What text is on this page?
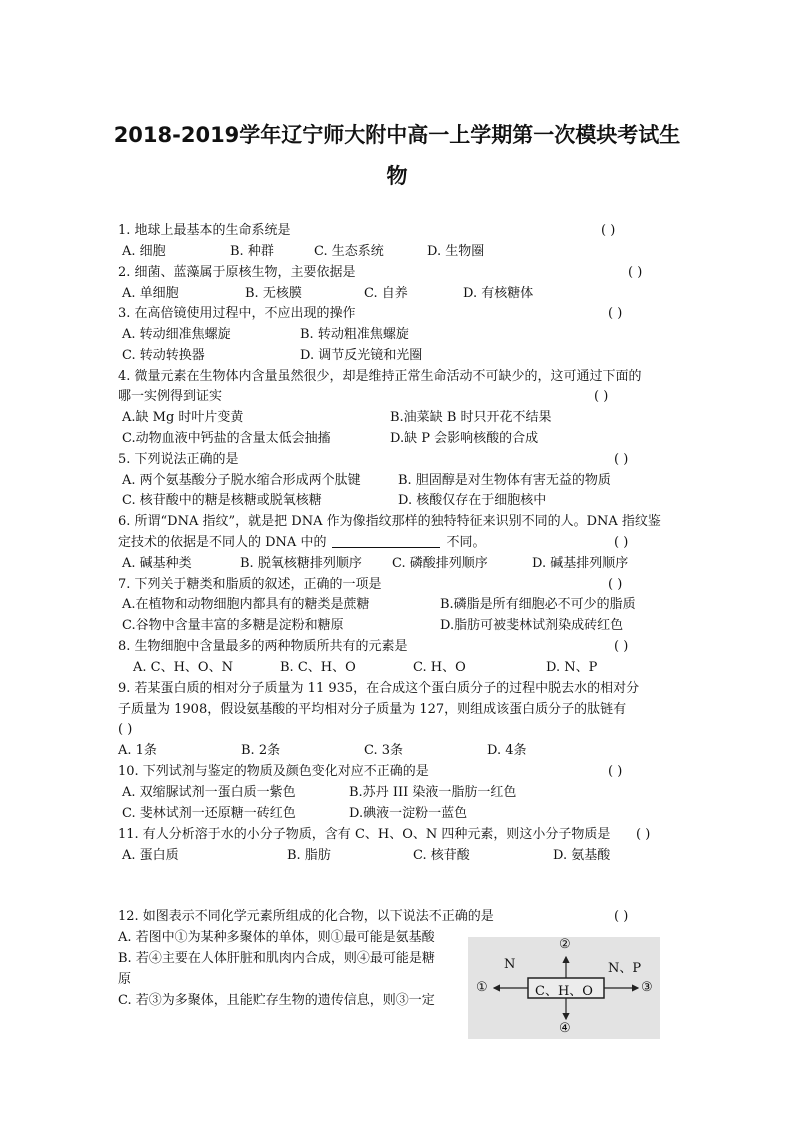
2018-2019学年辽宁师大附中高一上学期第一次模块考试生
物
1. 地球上最基本的生命系统是	( )
A. 细胞	B. 种群	C. 生态系统	D. 生物圈
2. 细菌、蓝藻属于原核生物，主要依据是	( )
A. 单细胞	B. 无核膜	C. 自养	D. 有核糖体
3. 在高倍镜使用过程中，不应出现的操作	( )
A. 转动细准焦螺旋	B. 转动粗准焦螺旋
C. 转动转换器	D. 调节反光镜和光圈
4. 微量元素在生物体内含量虽然很少，却是维持正常生命活动不可缺少的，这可通过下面的
哪一实例得到证实	( )
A.缺 Mg 时叶片变黄	B.油菜缺 B 时只开花不结果
C.动物血液中钙盐的含量太低会抽搐	D.缺 P 会影响核酸的合成
5. 下列说法正确的是	( )
A. 两个氨基酸分子脱水缩合形成两个肽键	B. 胆固醇是对生物体有害无益的物质
C. 核苷酸中的糖是核糖或脱氧核糖	D. 核酸仅存在于细胞核中
6. 所谓“DNA 指纹”，就是把 DNA 作为像指纹那样的独特特征来识别不同的人。DNA 指纹鉴
定技术的依据是不同人的 DNA 中的	不同。	( )
A. 碱基种类	B. 脱氧核糖排列顺序 C. 磷酸排列顺序	D. 碱基排列顺序
7. 下列关于糖类和脂质的叙述，正确的一项是	( )
A.在植物和动物细胞内都具有的糖类是蔗糖	B.磷脂是所有细胞必不可少的脂质
C.谷物中含量丰富的多糖是淀粉和糖原	D.脂肪可被斐林试剂染成砖红色
8. 生物细胞中含量最多的两种物质所共有的元素是	( )
A. C、H、O、N	B. C、H、O	C. H、O	D. N、P
9. 若某蛋白质的相对分子质量为 11 935，在合成这个蛋白质分子的过程中脱去水的相对分
子质量为 1908，假设氨基酸的平均相对分子质量为 127，则组成该蛋白质分子的肽链有
( )
A. 1条	B. 2条	C. 3条	D. 4条
10. 下列试剂与鉴定的物质及颜色变化对应不正确的是	( )
A. 双缩脲试剂一蛋白质一紫色	B.苏丹 III 染液一脂肪一红色
C. 斐林试剂一还原糖一砖红色	D.碘液一淀粉一蓝色
11. 有人分析溶于水的小分子物质，含有 C、H、O、N 四种元素，则这小分子物质是 ( )
A. 蛋白质	B. 脂肪	C. 核苷酸	D. 氨基酸
12. 如图表示不同化学元素所组成的化合物，以下说法不正确的是	( )
A. 若图中①为某种多聚体的单体，则①最可能是氨基酸
B. 若④主要在人体肝脏和肌肉内合成，则④最可能是糖
原
C. 若③为多聚体，且能贮存生物的遗传信息，则③一定
C、H、O
②
④
①	③
N	N、P
